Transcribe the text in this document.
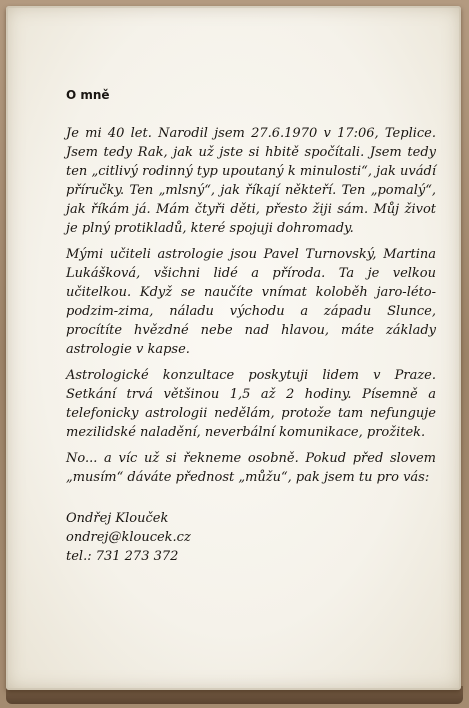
O mně

Je mi 40 let. Narodil jsem 27.6.1970 v 17:06, Teplice. Jsem tedy Rak, jak už jste si hbitě spočítali. Jsem tedy ten „citlivý rodinný typ upoutaný k minulosti“, jak uvádí příručky. Ten „mlsný“, jak říkají někteří. Ten „pomalý“, jak říkám já. Mám čtyři děti, přesto žiji sám. Můj život je plný protikladů, které spojuji dohromady.

Mými učiteli astrologie jsou Pavel Turnovský, Martina Lukášková, všichni lidé a příroda. Ta je velkou učitelkou. Když se naučíte vnímat koloběh jaro-léto-podzim-zima, náladu východu a západu Slunce, procítíte hvězdné nebe nad hlavou, máte základy astrologie v kapse.

Astrologické konzultace poskytuji lidem v Praze. Setkání trvá většinou 1,5 až 2 hodiny. Písemně a telefonicky astrologii nedělám, protože tam nefunguje mezilidské naladění, neverbální komunikace, prožitek.

No... a víc už si řekneme osobně. Pokud před slovem „musím“ dáváte přednost „můžu“, pak jsem tu pro vás:

Ondřej Klouček
ondrej@kloucek.cz
tel.: 731 273 372
